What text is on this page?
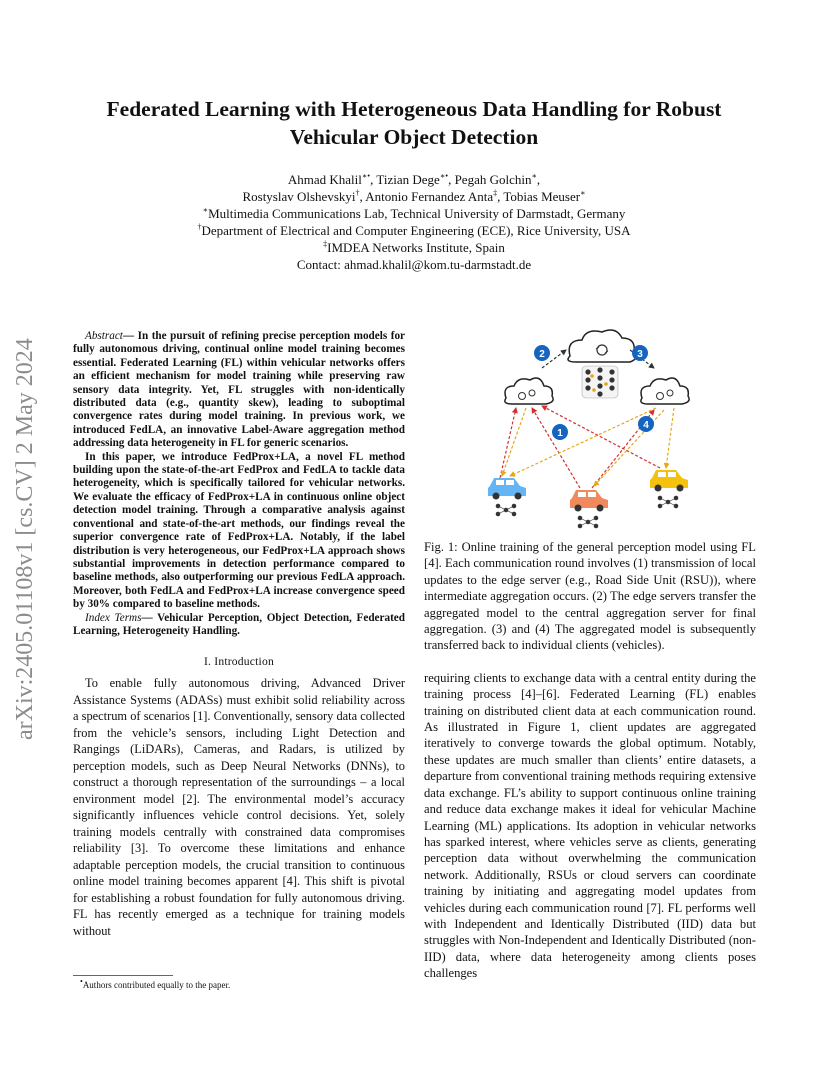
arXiv:2405.01108v1 [cs.CV] 2 May 2024
Federated Learning with Heterogeneous Data Handling for Robust
Vehicular Object Detection
Ahmad Khalil∗•, Tizian Dege∗•, Pegah Golchin∗,
Rostyslav Olshevskyi†, Antonio Fernandez Anta‡, Tobias Meuser∗
∗Multimedia Communications Lab, Technical University of Darmstadt, Germany
†Department of Electrical and Computer Engineering (ECE), Rice University, USA
‡IMDEA Networks Institute, Spain
Contact: ahmad.khalil@kom.tu-darmstadt.de

Abstract— In the pursuit of refining precise perception models for fully autonomous driving, continual online model training becomes essential. Federated Learning (FL) within vehicular networks offers an efficient mechanism for model training while preserving raw sensory data integrity. Yet, FL struggles with non-identically distributed data (e.g., quantity skew), leading to suboptimal convergence rates during model training. In previous work, we introduced FedLA, an innovative Label-Aware aggregation method addressing data heterogeneity in FL for generic scenarios.

In this paper, we introduce FedProx+LA, a novel FL method building upon the state-of-the-art FedProx and FedLA to tackle data heterogeneity, which is specifically tailored for vehicular networks. We evaluate the efficacy of FedProx+LA in continuous online object detection model training. Through a comparative analysis against conventional and state-of-the-art methods, our findings reveal the superior convergence rate of FedProx+LA. Notably, if the label distribution is very heterogeneous, our FedProx+LA approach shows substantial improvements in detection performance compared to baseline methods, also outperforming our previous FedLA approach. Moreover, both FedLA and FedProx+LA increase convergence speed by 30% compared to baseline methods.

Index Terms— Vehicular Perception, Object Detection, Federated Learning, Heterogeneity Handling.

I. Introduction

To enable fully autonomous driving, Advanced Driver Assistance Systems (ADASs) must exhibit solid reliability across a spectrum of scenarios [1]. Conventionally, sensory data collected from the vehicle’s sensors, including Light Detection and Rangings (LiDARs), Cameras, and Radars, is utilized by perception models, such as Deep Neural Networks (DNNs), to construct a thorough representation of the surroundings – a local environment model [2]. The environmental model’s accuracy significantly influences vehicle control decisions. Yet, solely training models centrally with constrained data compromises reliability [3]. To overcome these limitations and enhance adaptable perception models, the crucial transition to continuous online model training becomes apparent [4]. This shift is pivotal for establishing a robust foundation for fully autonomous driving. FL has recently emerged as a technique for training models without

•Authors contributed equally to the paper.
1
2	3
4

Fig. 1: Online training of the general perception model using FL [4]. Each communication round involves (1) transmission of local updates to the edge server (e.g., Road Side Unit (RSU)), where intermediate aggregation occurs. (2) The edge servers transfer the aggregated model to the central aggregation server for final aggregation. (3) and (4) The aggregated model is subsequently transferred back to individual clients (vehicles).

requiring clients to exchange data with a central entity during the training process [4]–[6]. Federated Learning (FL) enables training on distributed client data at each communication round. As illustrated in Figure 1, client updates are aggregated iteratively to converge towards the global optimum. Notably, these updates are much smaller than clients’ entire datasets, a departure from conventional training methods requiring extensive data exchange. FL’s ability to support continuous online training and reduce data exchange makes it ideal for vehicular Machine Learning (ML) applications. Its adoption in vehicular networks has sparked interest, where vehicles serve as clients, generating perception data without overwhelming the communication network. Additionally, RSUs or cloud servers can coordinate training by initiating and aggregating model updates from vehicles during each communication round [7]. FL performs well with Independent and Identically Distributed (IID) data but struggles with Non-Independent and Identically Distributed (non-IID) data, where data heterogeneity among clients poses challenges
